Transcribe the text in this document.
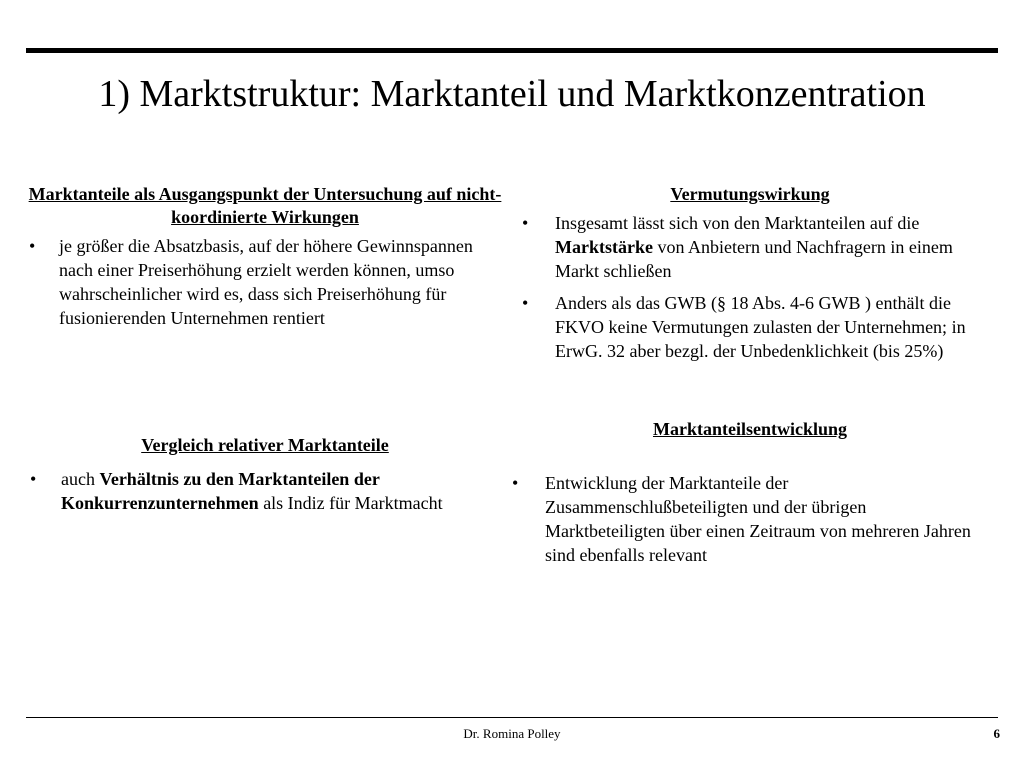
1) Marktstruktur: Marktanteil und Marktkonzentration

Marktanteile als Ausgangspunkt der Untersuchung auf nicht-koordinierte Wirkungen

• je größer die Absatzbasis, auf der höhere Gewinnspannen nach einer Preiserhöhung erzielt werden können, umso wahrscheinlicher wird es, dass sich Preiserhöhung für fusionierenden Unternehmen rentiert

Vermutungswirkung

• Insgesamt lässt sich von den Marktanteilen auf die Marktstärke von Anbietern und Nachfragern in einem Markt schließen
• Anders als das GWB (§ 18 Abs. 4-6 GWB ) enthält die FKVO keine Vermutungen zulasten der Unternehmen; in ErwG. 32 aber bezgl. der Unbedenklichkeit (bis 25%)

Vergleich relativer Marktanteile

• auch Verhältnis zu den Marktanteilen der Konkurrenzunternehmen als Indiz für Marktmacht

Marktanteilsentwicklung

• Entwicklung der Marktanteile der Zusammenschlußbeteiligten und der übrigen Marktbeteiligten über einen Zeitraum von mehreren Jahren sind ebenfalls relevant
Dr. Romina Polley	6
